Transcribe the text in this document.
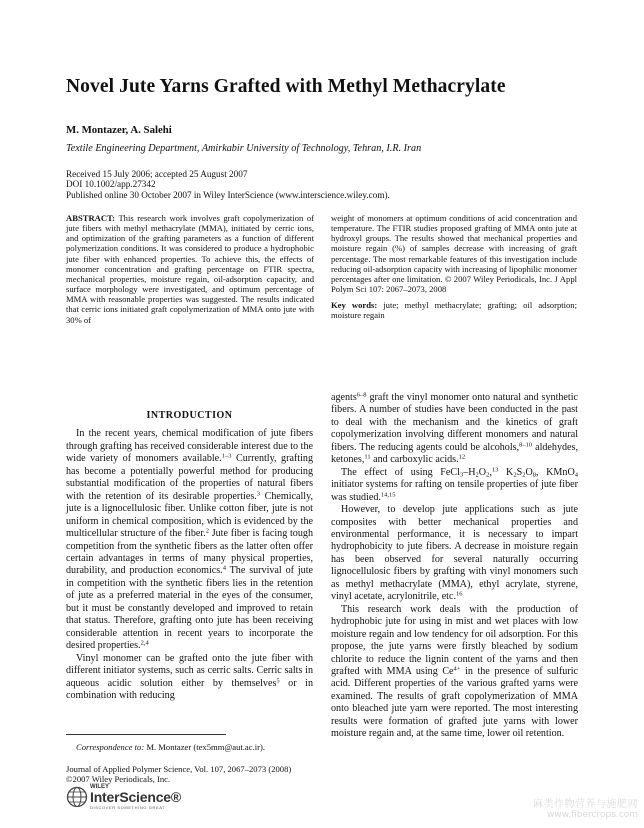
Novel Jute Yarns Grafted with Methyl Methacrylate
M. Montazer, A. Salehi
Textile Engineering Department, Amirkabir University of Technology, Tehran, I.R. Iran
Received 15 July 2006; accepted 25 August 2007
DOI 10.1002/app.27342
Published online 30 October 2007 in Wiley InterScience (www.interscience.wiley.com).
ABSTRACT: This research work involves graft copolymerization of jute fibers with methyl methacrylate (MMA), initiated by cerric ions, and optimization of the grafting parameters as a function of different polymerization conditions. It was considered to produce a hydrophobic jute fiber with enhanced properties. To achieve this, the effects of monomer concentration and grafting percentage on FTIR spectra, mechanical properties, moisture regain, oil-adsorption capacity, and surface morphology were investigated, and optimum percentage of MMA with reasonable properties was suggested. The results indicated that cerric ions initiated graft copolymerization of MMA onto jute with 30% of
weight of monomers at optimum conditions of acid concentration and temperature. The FTIR studies proposed grafting of MMA onto jute at hydroxyl groups. The results showed that mechanical properties and moisture regain (%) of samples decrease with increasing of graft percentage. The most remarkable features of this investigation include reducing oil-adsorption capacity with increasing of lipophilic monomer percentages after one limitation. © 2007 Wiley Periodicals, Inc. J Appl Polym Sci 107: 2067–2073, 2008
Key words: jute; methyl methacrylate; grafting; oil adsorption; moisture regain
INTRODUCTION

In the recent years, chemical modification of jute fibers through grafting has received considerable interest due to the wide variety of monomers available.$^{1-3}$ Currently, grafting has become a potentially powerful method for producing substantial modification of the properties of natural fibers with the retention of its desirable properties.$^3$ Chemically, jute is a lignocellulosic fiber. Unlike cotton fiber, jute is not uniform in chemical composition, which is evidenced by the multicellular structure of the fiber.$^2$ Jute fiber is facing tough competition from the synthetic fibers as the latter often offer certain advantages in terms of many physical properties, durability, and production economics.$^4$ The survival of jute in competition with the synthetic fibers lies in the retention of jute as a preferred material in the eyes of the consumer, but it must be constantly developed and improved to retain that status. Therefore, grafting onto jute has been receiving considerable attention in recent years to incorporate the desired properties.$^{2,4}$

Vinyl monomer can be grafted onto the jute fiber with different initiator systems, such as cerric salts. Cerric salts in aqueous acidic solution either by themselves$^5$ or in combination with reducing

agents$^{6-8}$ graft the vinyl monomer onto natural and synthetic fibers. A number of studies have been conducted in the past to deal with the mechanism and the kinetics of graft copolymerization involving different monomers and natural fibers. The reducing agents could be alcohols,$^{8-10}$ aldehydes, ketones,$^{11}$ and carboxylic acids.$^{12}$

The effect of using $FeCl_3-H_2O_2,^{13}$ $K_2S_2O_8$, KMnO$_4$ initiator systems for rafting on tensile properties of jute fiber was studied.$^{14,15}$

However, to develop jute applications such as jute composites with better mechanical properties and environmental performance, it is necessary to impart hydrophobicity to jute fibers. A decrease in moisture regain has been observed for several naturally occurring lignocellulosic fibers by grafting with vinyl monomers such as methyl methacrylate (MMA), ethyl acrylate, styrene, vinyl acetate, acrylonitrile, etc.$^{16}$

This research work deals with the production of hydrophobic jute for using in mist and wet places with low moisture regain and low tendency for oil adsorption. For this propose, the jute yarns were firstly bleached by sodium chlorite to reduce the lignin content of the yarns and then grafted with MMA using $Ce^{4+}$ in the presence of sulfuric acid. Different properties of the various grafted yarns were examined. The results of graft copolymerization of MMA onto bleached jute yarn were reported. The most interesting results were formation of grafted jute yarns with lower moisture regain and, at the same time, lower oil retention.

Correspondence to: M. Montazer (tex5mm@aut.ac.ir).
Journal of Applied Polymer Science, Vol. 107, 2067–2073 (2008)
©2007 Wiley Periodicals, Inc.
WILEY
InterScience®
DISCOVER SOMETHING GREAT	麻类作物营养与施肥网
www.fibercrops.com
